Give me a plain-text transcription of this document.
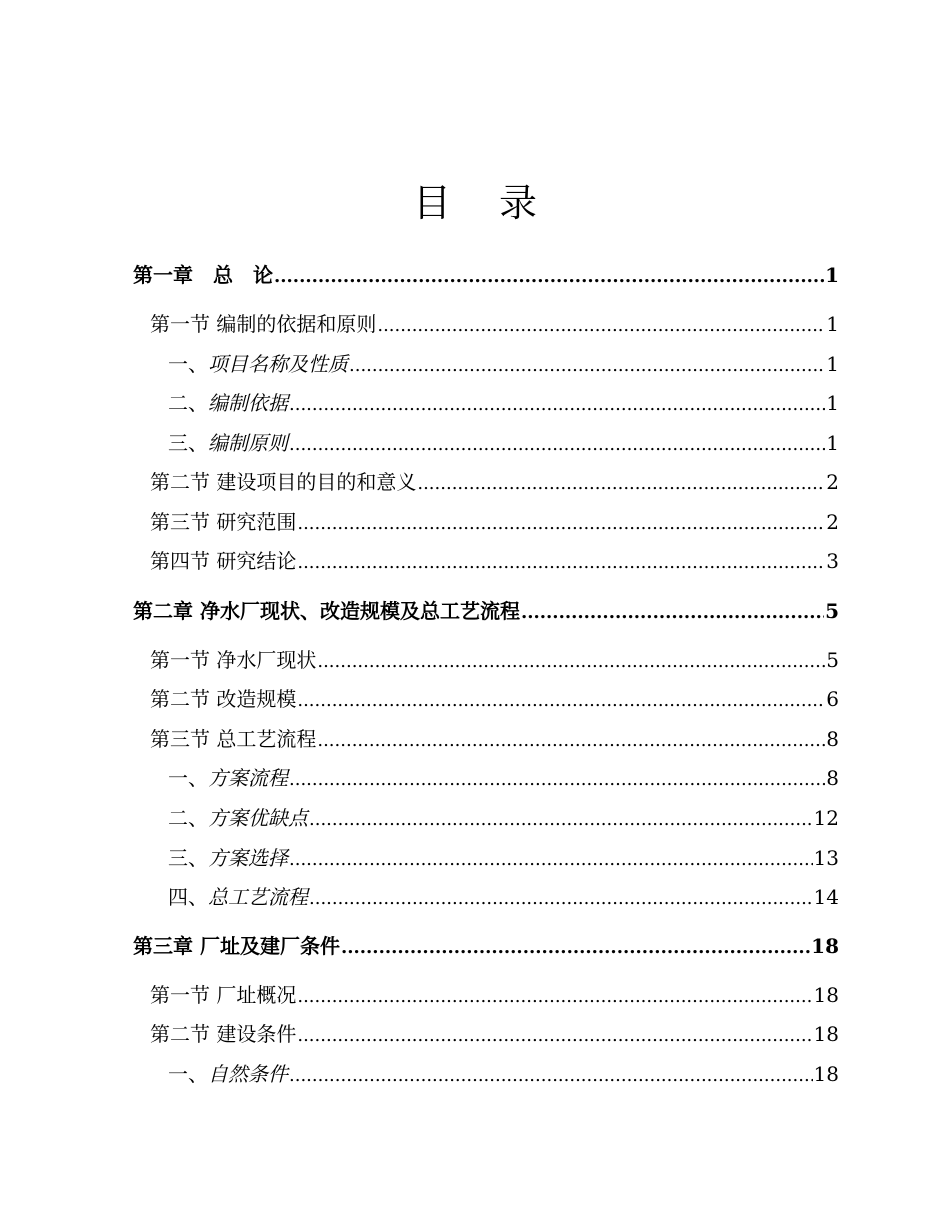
目 录
第一章　总　论 .....	1
第一节 编制的依据和原则 .....	1
一、项目名称及性质 .....	1
二、编制依据 .....	1
三、编制原则 .....	1
第二节 建设项目的目的和意义 .....	2
第三节 研究范围 .....	2
第四节 研究结论 .....	3
第二章 净水厂现状、改造规模及总工艺流程 .....	5
第一节 净水厂现状 .....	5
第二节 改造规模 .....	6
第三节 总工艺流程 .....	8
一、方案流程 .....	8
二、方案优缺点 .....	12
三、方案选择 .....	13
四、总工艺流程 .....	14
第三章 厂址及建厂条件 .....	18
第一节 厂址概况 .....	18
第二节 建设条件 .....	18
一、自然条件 .....	18
